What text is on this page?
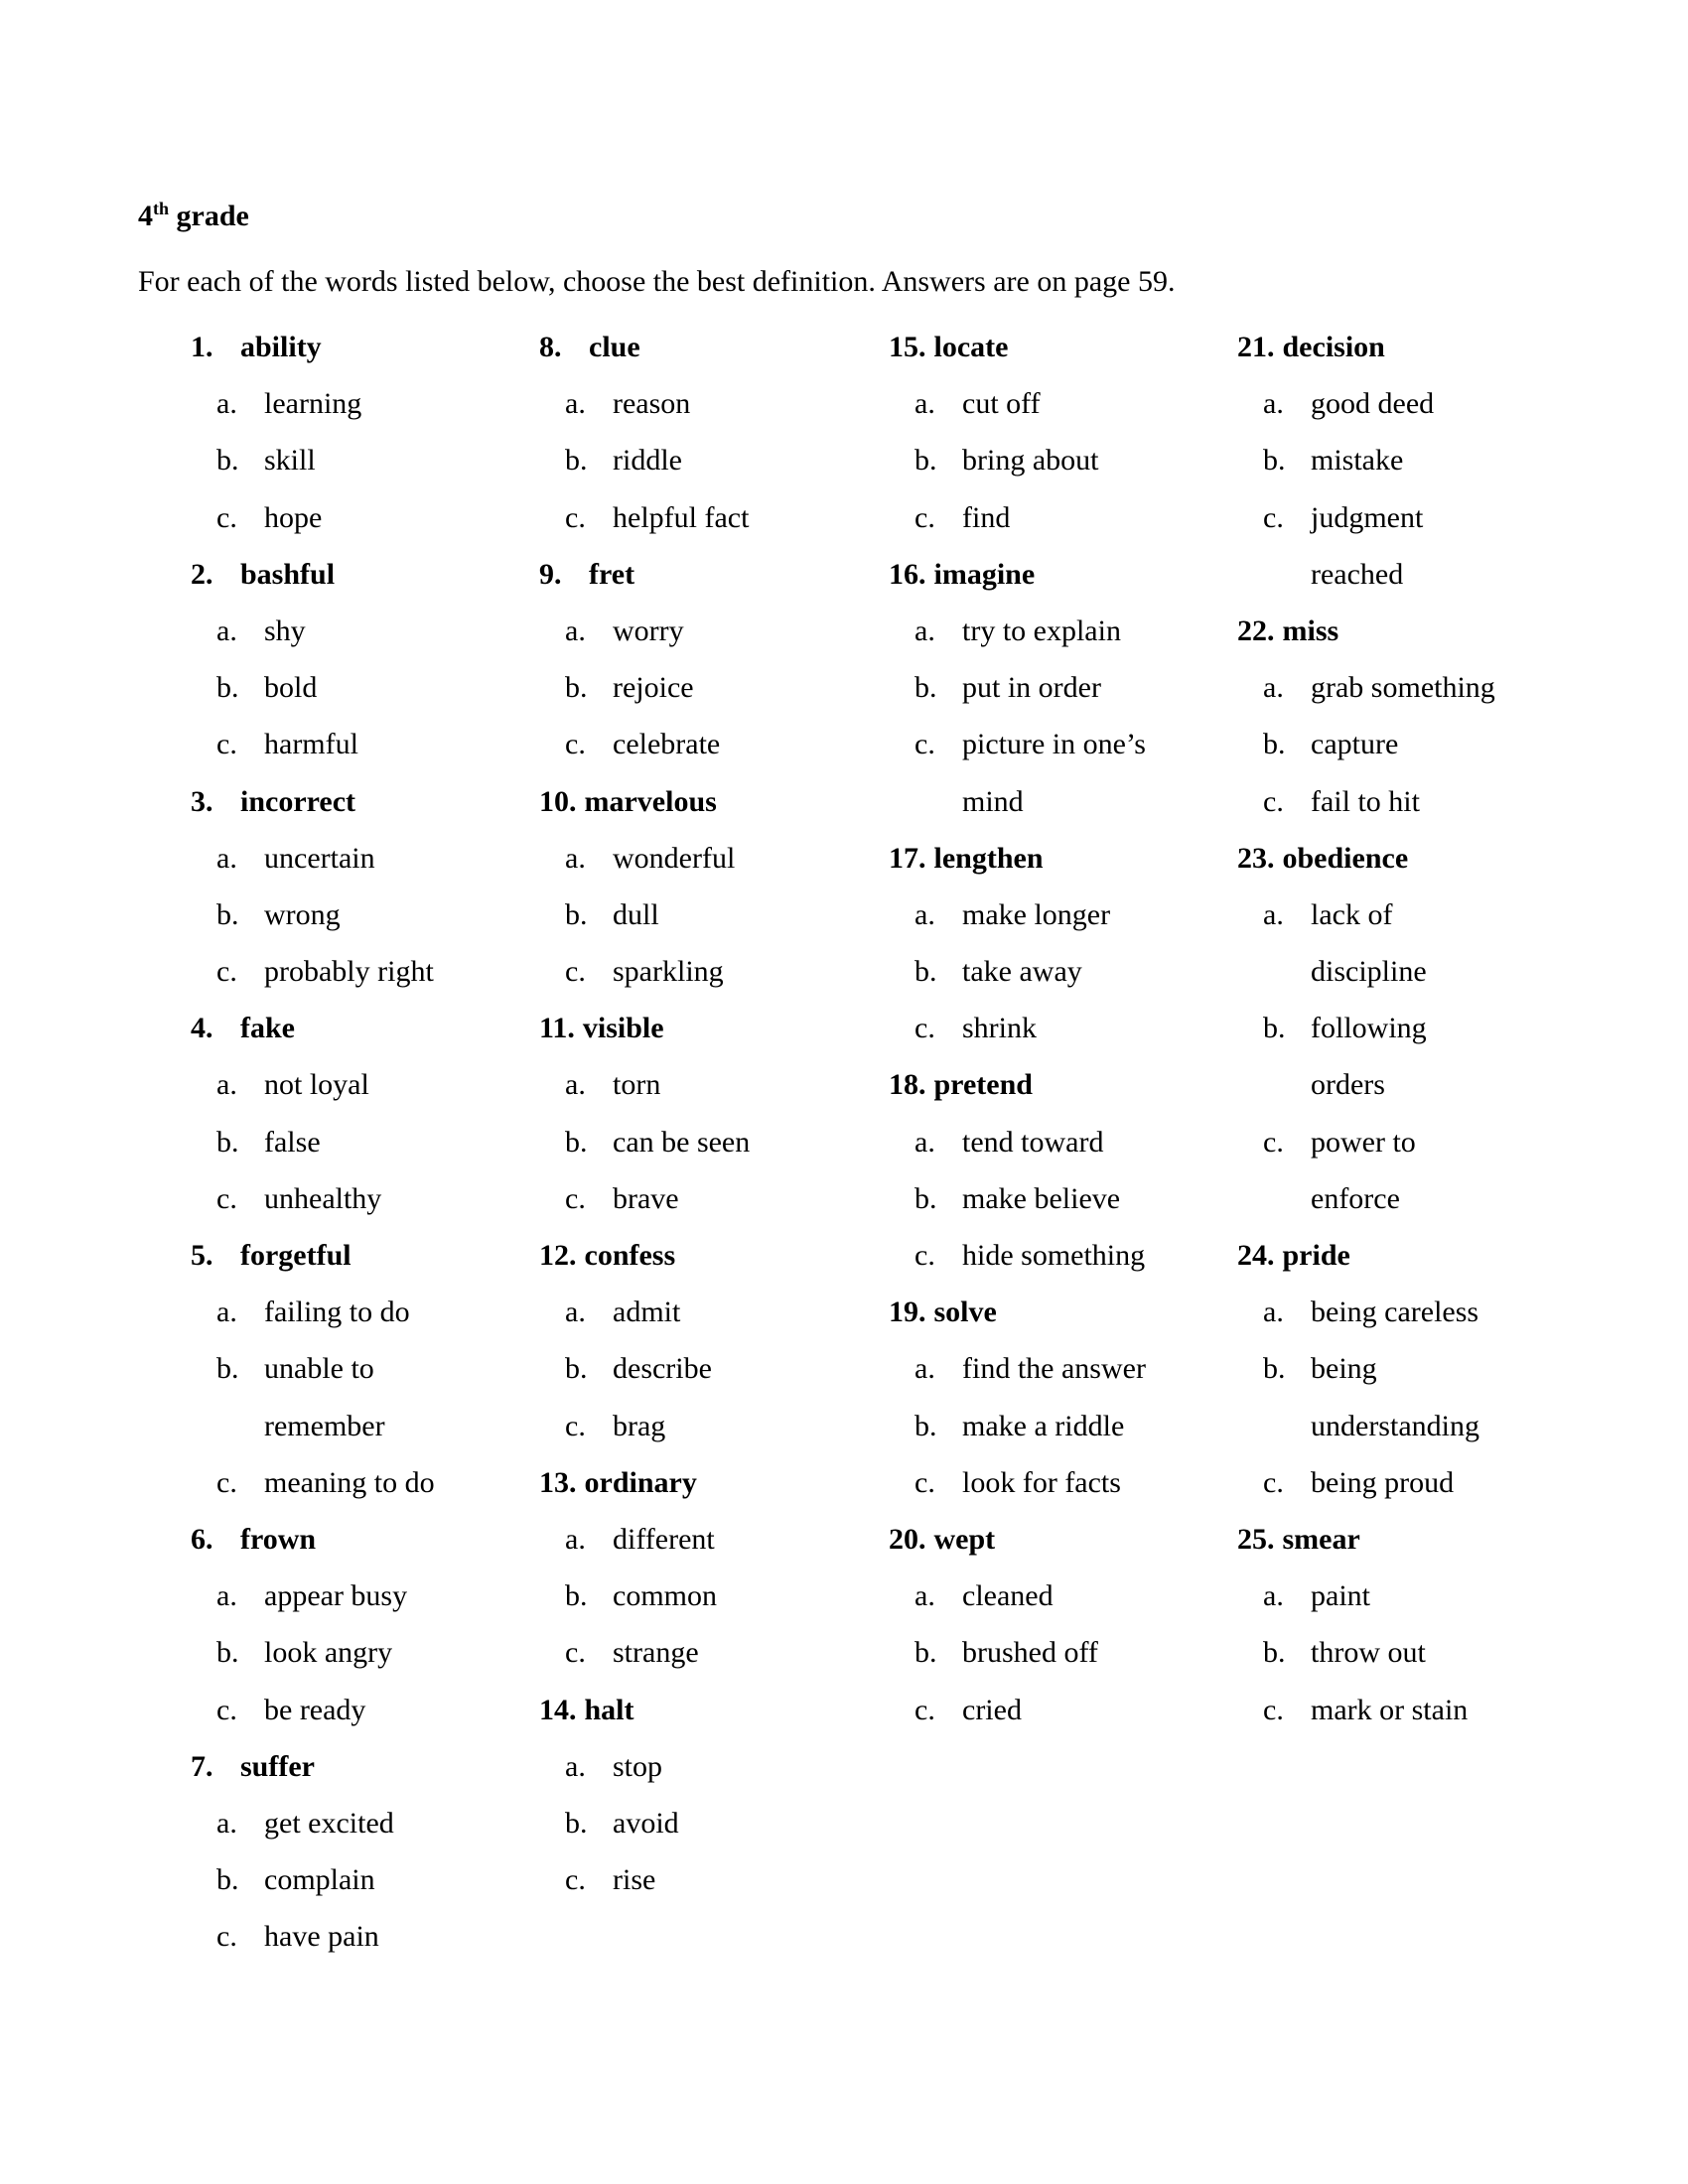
4th grade
For each of the words listed below, choose the best definition. Answers are on page 59.
1. ability
a. learning
b. skill
c. hope
2. bashful
a. shy
b. bold
c. harmful
3. incorrect
a. uncertain
b. wrong
c. probably right
4. fake
a. not loyal
b. false
c. unhealthy
5. forgetful
a. failing to do
b. unable to
remember
c. meaning to do
6. frown
a. appear busy
b. look angry
c. be ready
7. suffer
a. get excited
b. complain
c. have pain
8. clue
a. reason
b. riddle
c. helpful fact
9. fret
a. worry
b. rejoice
c. celebrate
10. marvelous
a. wonderful
b. dull
c. sparkling
11. visible
a. torn
b. can be seen
c. brave
12. confess
a. admit
b. describe
c. brag
13. ordinary
a. different
b. common
c. strange
14. halt
a. stop
b. avoid
c. rise
15. locate
a. cut off
b. bring about
c. find
16. imagine
a. try to explain
b. put in order
c. picture in one’s
mind
17. lengthen
a. make longer
b. take away
c. shrink
18. pretend
a. tend toward
b. make believe
c. hide something
19. solve
a. find the answer
b. make a riddle
c. look for facts
20. wept
a. cleaned
b. brushed off
c. cried
21. decision
a. good deed
b. mistake
c. judgment
reached
22. miss
a. grab something
b. capture
c. fail to hit
23. obedience
a. lack of
discipline
b. following
orders
c. power to
enforce
24. pride
a. being careless
b. being
understanding
c. being proud
25. smear
a. paint
b. throw out
c. mark or stain
